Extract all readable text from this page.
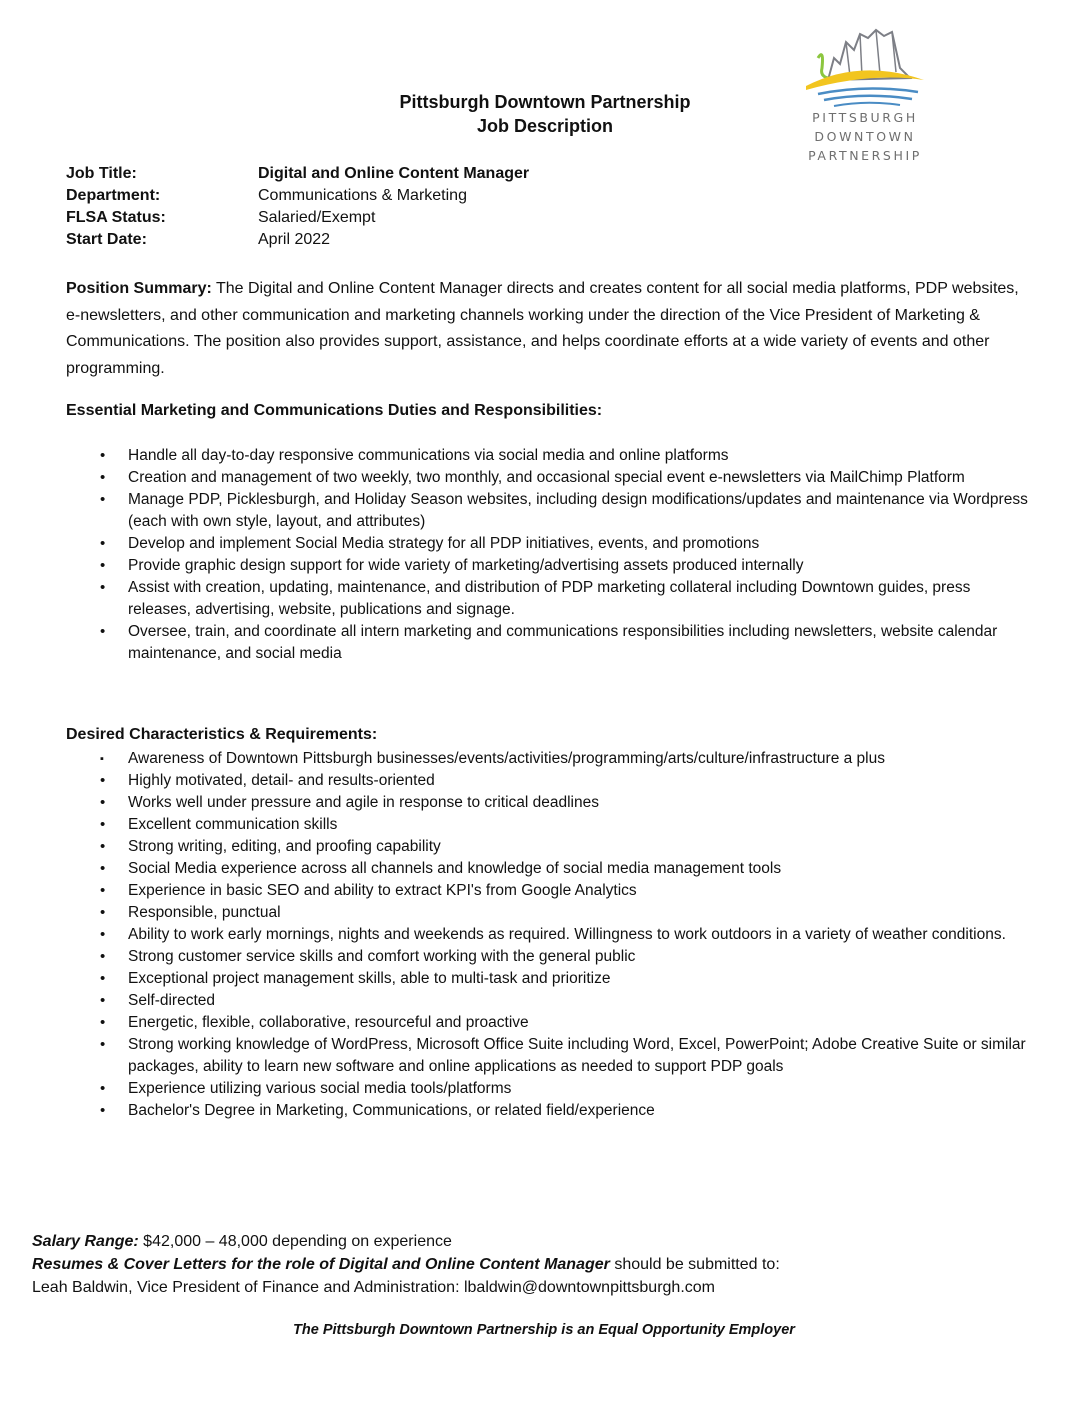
PITTSBURGH
DOWNTOWN
PARTNERSHIP
Pittsburgh Downtown Partnership
Job Description
Job Title:	Digital and Online Content Manager
Department:	Communications & Marketing
FLSA Status:	Salaried/Exempt
Start Date:	April 2022
Position Summary: The Digital and Online Content Manager directs and creates content for all social media platforms, PDP websites, e-newsletters, and other communication and marketing channels working under the direction of the Vice President of Marketing & Communications. The position also provides support, assistance, and helps coordinate efforts at a wide variety of events and other programming.
Essential Marketing and Communications Duties and Responsibilities:
• Handle all day-to-day responsive communications via social media and online platforms
• Creation and management of two weekly, two monthly, and occasional special event e-newsletters via MailChimp Platform
• Manage PDP, Picklesburgh, and Holiday Season websites, including design modifications/updates and maintenance via Wordpress (each with own style, layout, and attributes)
• Develop and implement Social Media strategy for all PDP initiatives, events, and promotions
• Provide graphic design support for wide variety of marketing/advertising assets produced internally
• Assist with creation, updating, maintenance, and distribution of PDP marketing collateral including Downtown guides, press releases, advertising, website, publications and signage.
• Oversee, train, and coordinate all intern marketing and communications responsibilities including newsletters, website calendar maintenance, and social media
Desired Characteristics & Requirements:
▪ Awareness of Downtown Pittsburgh businesses/events/activities/programming/arts/culture/infrastructure a plus
• Highly motivated, detail- and results-oriented
• Works well under pressure and agile in response to critical deadlines
• Excellent communication skills
• Strong writing, editing, and proofing capability
• Social Media experience across all channels and knowledge of social media management tools
• Experience in basic SEO and ability to extract KPI's from Google Analytics
• Responsible, punctual
• Ability to work early mornings, nights and weekends as required. Willingness to work outdoors in a variety of weather conditions.
• Strong customer service skills and comfort working with the general public
• Exceptional project management skills, able to multi-task and prioritize
• Self-directed
• Energetic, flexible, collaborative, resourceful and proactive
• Strong working knowledge of WordPress, Microsoft Office Suite including Word, Excel, PowerPoint; Adobe Creative Suite or similar packages, ability to learn new software and online applications as needed to support PDP goals
• Experience utilizing various social media tools/platforms
• Bachelor's Degree in Marketing, Communications, or related field/experience
Salary Range: $42,000 – 48,000 depending on experience
Resumes & Cover Letters for the role of Digital and Online Content Manager should be submitted to:
Leah Baldwin, Vice President of Finance and Administration: lbaldwin@downtownpittsburgh.com
The Pittsburgh Downtown Partnership is an Equal Opportunity Employer
